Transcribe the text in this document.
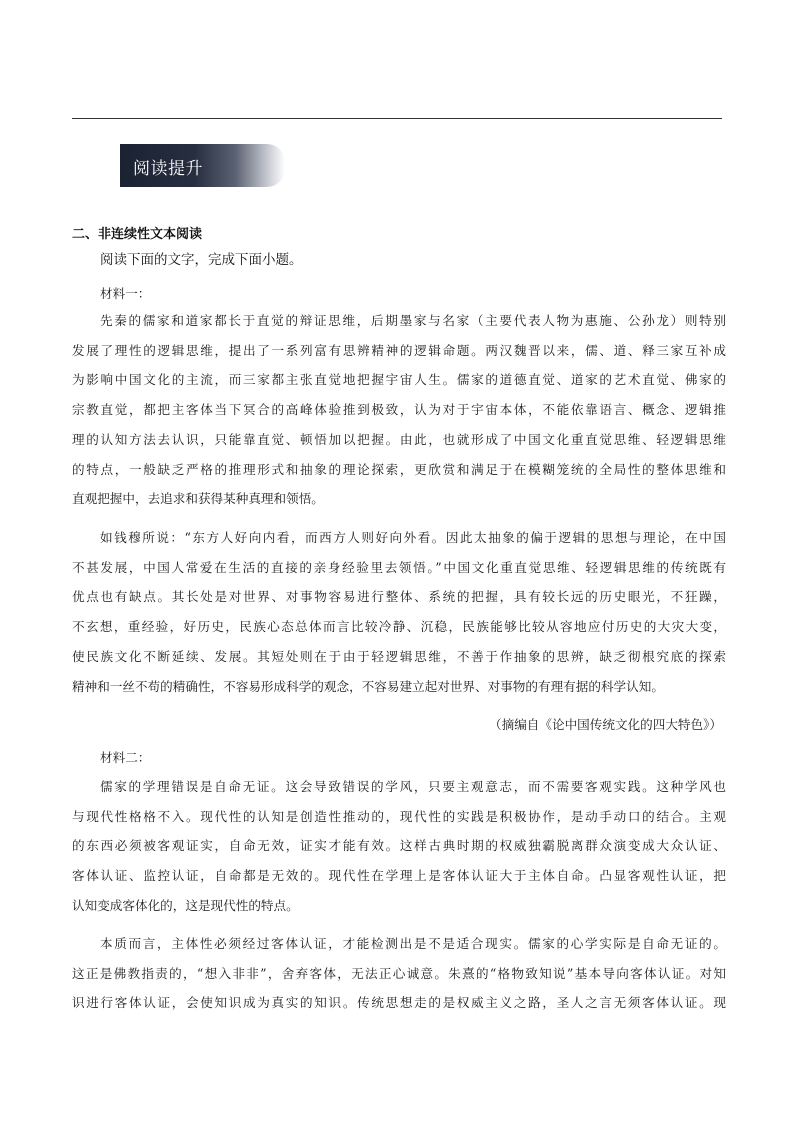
阅读提升
二、非连续性文本阅读
阅读下面的文字，完成下面小题。
材料一：
先秦的儒家和道家都长于直觉的辩证思维，后期墨家与名家（主要代表人物为惠施、公孙龙）则特别
发展了理性的逻辑思维，提出了一系列富有思辨精神的逻辑命题。两汉魏晋以来，儒、道、释三家互补成
为影响中国文化的主流，而三家都主张直觉地把握宇宙人生。儒家的道德直觉、道家的艺术直觉、佛家的
宗教直觉，都把主客体当下冥合的高峰体验推到极致，认为对于宇宙本体，不能依靠语言、概念、逻辑推
理的认知方法去认识，只能靠直觉、顿悟加以把握。由此，也就形成了中国文化重直觉思维、轻逻辑思维
的特点，一般缺乏严格的推理形式和抽象的理论探索，更欣赏和满足于在模糊笼统的全局性的整体思维和
直观把握中，去追求和获得某种真理和领悟。
如钱穆所说：“东方人好向内看，而西方人则好向外看。因此太抽象的偏于逻辑的思想与理论，在中国
不甚发展，中国人常爱在生活的直接的亲身经验里去领悟。”中国文化重直觉思维、轻逻辑思维的传统既有
优点也有缺点。其长处是对世界、对事物容易进行整体、系统的把握，具有较长远的历史眼光，不狂躁，
不玄想，重经验，好历史，民族心态总体而言比较冷静、沉稳，民族能够比较从容地应付历史的大灾大变，
使民族文化不断延续、发展。其短处则在于由于轻逻辑思维，不善于作抽象的思辨，缺乏彻根究底的探索
精神和一丝不苟的精确性，不容易形成科学的观念，不容易建立起对世界、对事物的有理有据的科学认知。
（摘编自《论中国传统文化的四大特色》）
材料二：
儒家的学理错误是自命无证。这会导致错误的学风，只要主观意志，而不需要客观实践。这种学风也
与现代性格格不入。现代性的认知是创造性推动的，现代性的实践是积极协作，是动手动口的结合。主观
的东西必须被客观证实，自命无效，证实才能有效。这样古典时期的权威独霸脱离群众演变成大众认证、
客体认证、监控认证，自命都是无效的。现代性在学理上是客体认证大于主体自命。凸显客观性认证，把
认知变成客体化的，这是现代性的特点。
本质而言，主体性必须经过客体认证，才能检测出是不是适合现实。儒家的心学实际是自命无证的。
这正是佛教指责的，“想入非非”，舍弃客体，无法正心诚意。朱熹的“格物致知说”基本导向客体认证。对知
识进行客体认证，会使知识成为真实的知识。传统思想走的是权威主义之路，圣人之言无须客体认证。现
